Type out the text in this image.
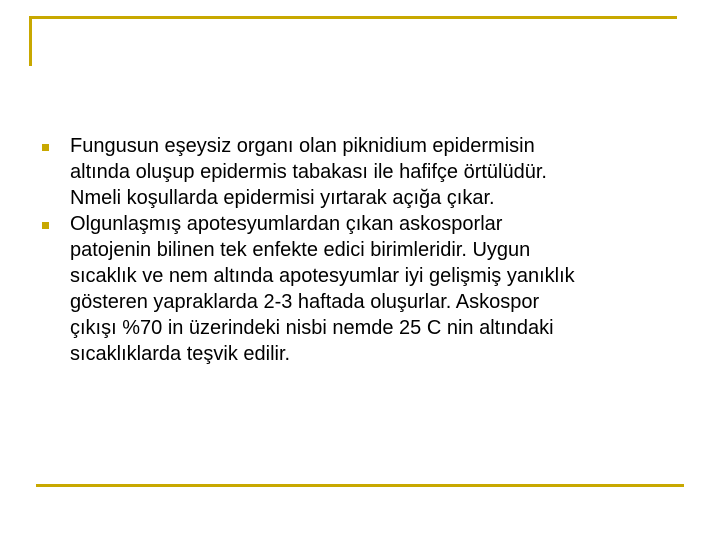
Fungusun eşeysiz organı olan piknidium epidermisin
altında oluşup epidermis tabakası ile hafifçe örtülüdür.
Nmeli koşullarda epidermisi yırtarak açığa çıkar.
Olgunlaşmış apotesyumlardan çıkan askosporlar
patojenin bilinen tek enfekte edici birimleridir. Uygun
sıcaklık ve nem altında apotesyumlar iyi gelişmiş yanıklık
gösteren yapraklarda 2-3 haftada oluşurlar. Askospor
çıkışı %70 in üzerindeki nisbi nemde 25 C nin altındaki
sıcaklıklarda teşvik edilir.
